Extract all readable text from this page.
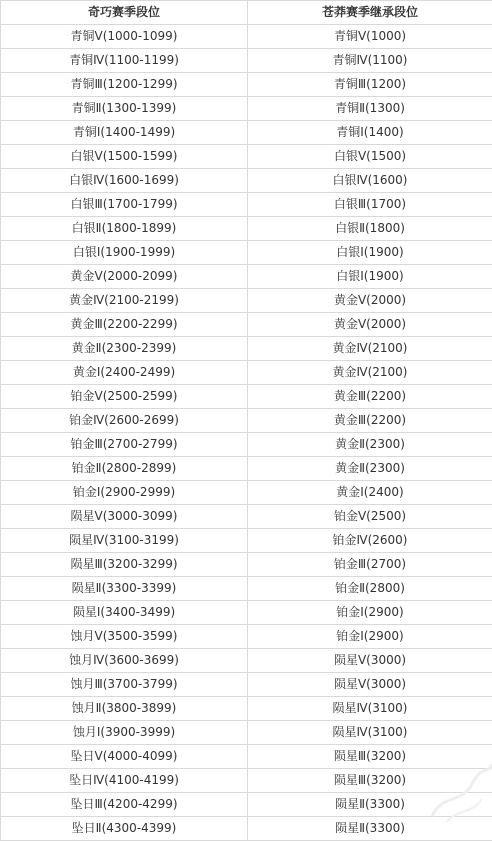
奇巧赛季段位	苍莽赛季继承段位
青铜Ⅴ(1000-1099)	青铜Ⅴ(1000)
青铜Ⅳ(1100-1199)	青铜Ⅳ(1100)
青铜Ⅲ(1200-1299)	青铜Ⅲ(1200)
青铜Ⅱ(1300-1399)	青铜Ⅱ(1300)
青铜Ⅰ(1400-1499)	青铜Ⅰ(1400)
白银Ⅴ(1500-1599)	白银Ⅴ(1500)
白银Ⅳ(1600-1699)	白银Ⅳ(1600)
白银Ⅲ(1700-1799)	白银Ⅲ(1700)
白银Ⅱ(1800-1899)	白银Ⅱ(1800)
白银Ⅰ(1900-1999)	白银Ⅰ(1900)
黄金Ⅴ(2000-2099)	白银Ⅰ(1900)
黄金Ⅳ(2100-2199)	黄金Ⅴ(2000)
黄金Ⅲ(2200-2299)	黄金Ⅴ(2000)
黄金Ⅱ(2300-2399)	黄金Ⅳ(2100)
黄金Ⅰ(2400-2499)	黄金Ⅳ(2100)
铂金Ⅴ(2500-2599)	黄金Ⅲ(2200)
铂金Ⅳ(2600-2699)	黄金Ⅲ(2200)
铂金Ⅲ(2700-2799)	黄金Ⅱ(2300)
铂金Ⅱ(2800-2899)	黄金Ⅱ(2300)
铂金Ⅰ(2900-2999)	黄金Ⅰ(2400)
陨星Ⅴ(3000-3099)	铂金Ⅴ(2500)
陨星Ⅳ(3100-3199)	铂金Ⅳ(2600)
陨星Ⅲ(3200-3299)	铂金Ⅲ(2700)
陨星Ⅱ(3300-3399)	铂金Ⅱ(2800)
陨星Ⅰ(3400-3499)	铂金Ⅰ(2900)
蚀月Ⅴ(3500-3599)	铂金Ⅰ(2900)
蚀月Ⅳ(3600-3699)	陨星Ⅴ(3000)
蚀月Ⅲ(3700-3799)	陨星Ⅴ(3000)
蚀月Ⅱ(3800-3899)	陨星Ⅳ(3100)
蚀月Ⅰ(3900-3999)	陨星Ⅳ(3100)
坠日Ⅴ(4000-4099)	陨星Ⅲ(3200)
坠日Ⅳ(4100-4199)	陨星Ⅲ(3200)
坠日Ⅲ(4200-4299)	陨星Ⅱ(3300)
坠日Ⅱ(4300-4399)	陨星Ⅱ(3300)
